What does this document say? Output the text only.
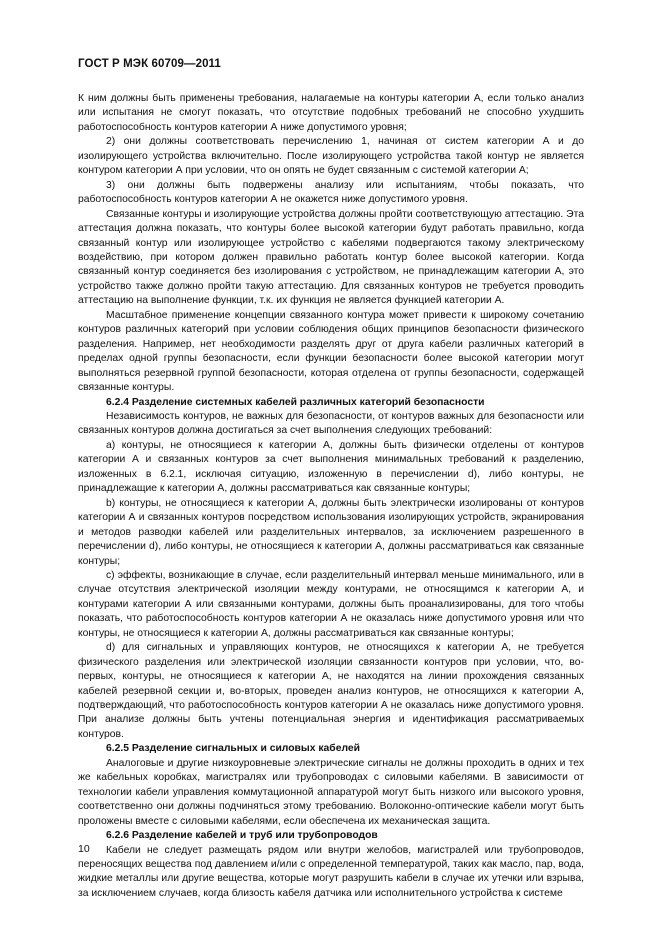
ГОСТ Р МЭК 60709—2011

К ним должны быть применены требования, налагаемые на контуры категории А, если только анализ или испытания не смогут показать, что отсутствие подобных требований не способно ухудшить работоспособность контуров категории А ниже допустимого уровня;

2) они должны соответствовать перечислению 1, начиная от систем категории А и до изолирующего устройства включительно. После изолирующего устройства такой контур не является контуром категории А при условии, что он опять не будет связанным с системой категории А;

3) они должны быть подвержены анализу или испытаниям, чтобы показать, что работоспособность контуров категории А не окажется ниже допустимого уровня.

Связанные контуры и изолирующие устройства должны пройти соответствующую аттестацию. Эта аттестация должна показать, что контуры более высокой категории будут работать правильно, когда связанный контур или изолирующее устройство с кабелями подвергаются такому электрическому воздействию, при котором должен правильно работать контур более высокой категории. Когда связанный контур соединяется без изолирования с устройством, не принадлежащим категории А, это устройство также должно пройти такую аттестацию. Для связанных контуров не требуется проводить аттестацию на выполнение функции, т.к. их функция не является функцией категории А.

Масштабное применение концепции связанного контура может привести к широкому сочетанию контуров различных категорий при условии соблюдения общих принципов безопасности физического разделения. Например, нет необходимости разделять друг от друга кабели различных категорий в пределах одной группы безопасности, если функции безопасности более высокой категории могут выполняться резервной группой безопасности, которая отделена от группы безопасности, содержащей связанные контуры.

6.2.4 Разделение системных кабелей различных категорий безопасности

Независимость контуров, не важных для безопасности, от контуров важных для безопасности или связанных контуров должна достигаться за счет выполнения следующих требований:

а) контуры, не относящиеся к категории А, должны быть физически отделены от контуров категории А и связанных контуров за счет выполнения минимальных требований к разделению, изложенных в 6.2.1, исключая ситуацию, изложенную в перечислении d), либо контуры, не принадлежащие к категории А, должны рассматриваться как связанные контуры;

b) контуры, не относящиеся к категории А, должны быть электрически изолированы от контуров категории А и связанных контуров посредством использования изолирующих устройств, экранирования и методов разводки кабелей или разделительных интервалов, за исключением разрешенного в перечислении d), либо контуры, не относящиеся к категории А, должны рассматриваться как связанные контуры;

с) эффекты, возникающие в случае, если разделительный интервал меньше минимального, или в случае отсутствия электрической изоляции между контурами, не относящимся к категории А, и контурами категории А или связанными контурами, должны быть проанализированы, для того чтобы показать, что работоспособность контуров категории А не оказалась ниже допустимого уровня или что контуры, не относящиеся к категории А, должны рассматриваться как связанные контуры;

d) для сигнальных и управляющих контуров, не относящихся к категории А, не требуется физического разделения или электрической изоляции связанности контуров при условии, что, во-первых, контуры, не относящиеся к категории А, не находятся на линии прохождения связанных кабелей резервной секции и, во-вторых, проведен анализ контуров, не относящихся к категории А, подтверждающий, что работоспособность контуров категории А не оказалась ниже допустимого уровня. При анализе должны быть учтены потенциальная энергия и идентификация рассматриваемых контуров.

6.2.5 Разделение сигнальных и силовых кабелей

Аналоговые и другие низкоуровневые электрические сигналы не должны проходить в одних и тех же кабельных коробках, магистралях или трубопроводах с силовыми кабелями. В зависимости от технологии кабели управления коммутационной аппаратурой могут быть низкого или высокого уровня, соответственно они должны подчиняться этому требованию. Волоконно-оптические кабели могут быть проложены вместе с силовыми кабелями, если обеспечена их механическая защита.

6.2.6 Разделение кабелей и труб или трубопроводов

Кабели не следует размещать рядом или внутри желобов, магистралей или трубопроводов, переносящих вещества под давлением и/или с определенной температурой, таких как масло, пар, вода, жидкие металлы или другие вещества, которые могут разрушить кабели в случае их утечки или взрыва, за исключением случаев, когда близость кабеля датчика или исполнительного устройства к системе

10
